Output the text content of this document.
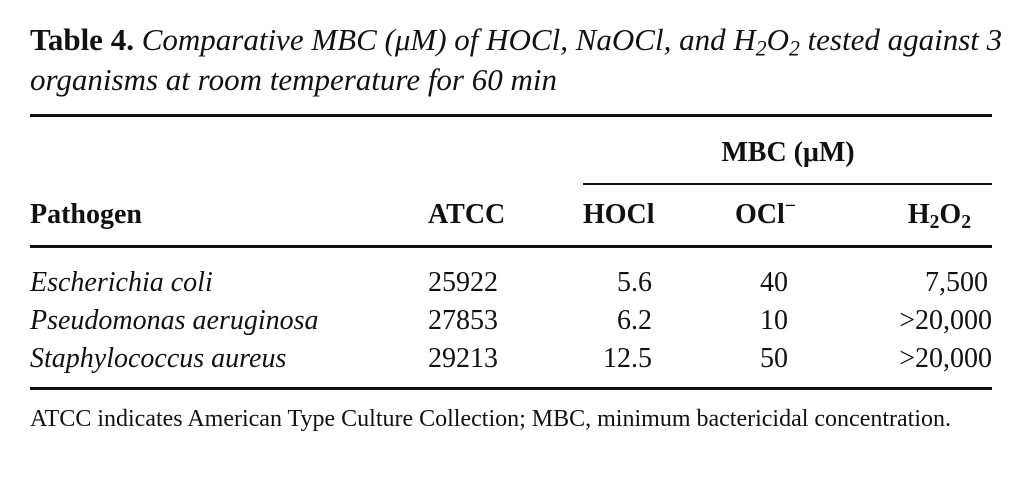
Table 4. Comparative MBC (μM) of HOCl, NaOCl, and $H_2O_2$ tested against 3 organisms at room temperature for 60 min
MBC (μM)
Pathogen	ATCC	HOCl	OCl−	$H_2O_2$
Escherichia coli	25922	5.6	40	7,500
Pseudomonas aeruginosa	27853	6.2	10	>20,000
Staphylococcus aureus	29213	12.5	50	>20,000
ATCC indicates American Type Culture Collection; MBC, minimum bactericidal concentration.
